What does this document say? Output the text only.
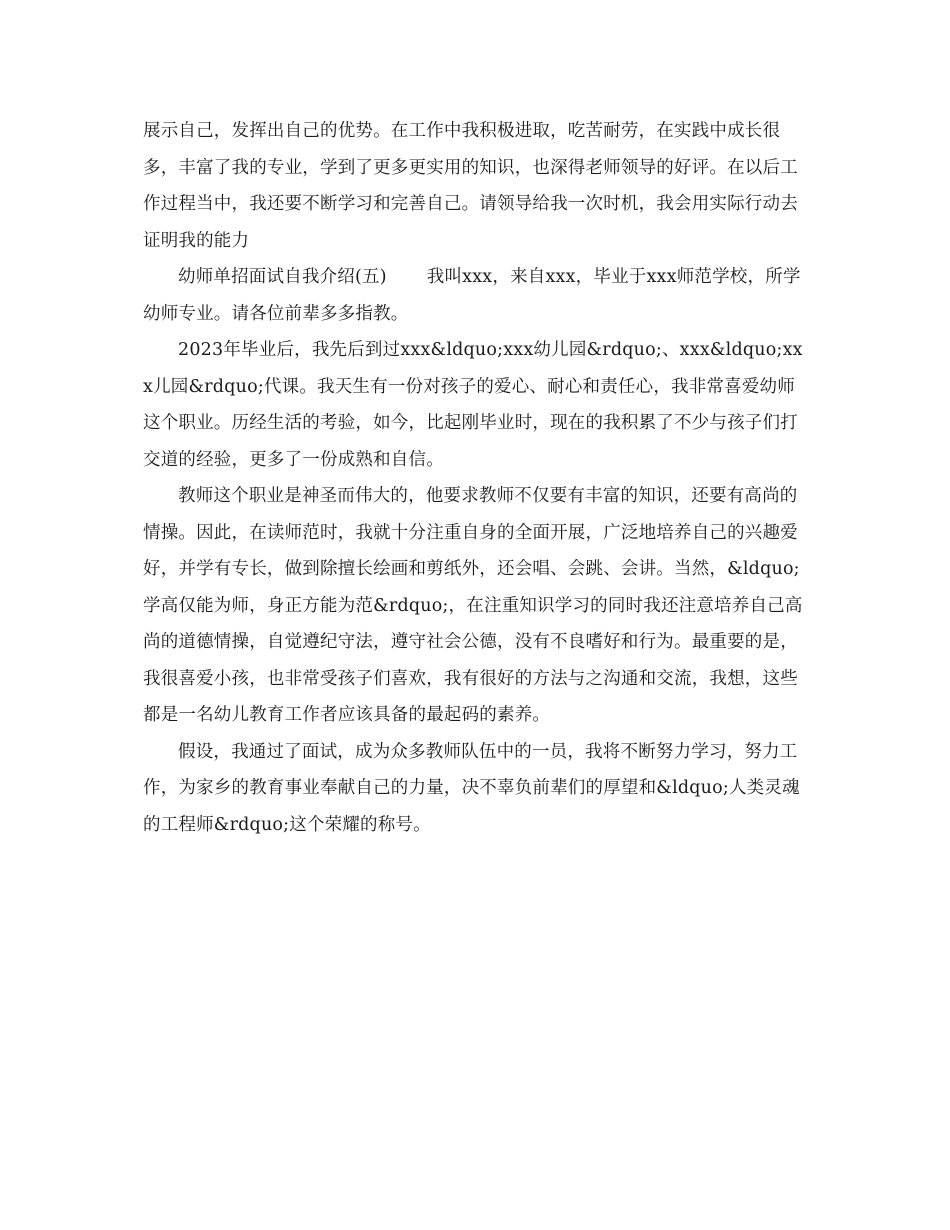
展示自己，发挥出自己的优势。在工作中我积极进取，吃苦耐劳，在实践中成长很多，丰富了我的专业，学到了更多更实用的知识，也深得老师领导的好评。在以后工作过程当中，我还要不断学习和完善自己。请领导给我一次时机，我会用实际行动去证明我的能力

幼师单招面试自我介绍(五) 我叫xxx，来自xxx，毕业于xxx师范学校，所学幼师专业。请各位前辈多多指教。

2023年毕业后，我先后到过xxx&ldquo;xxx幼儿园&rdquo;、xxx&ldquo;xxx儿园&rdquo;代课。我天生有一份对孩子的爱心、耐心和责任心，我非常喜爱幼师这个职业。历经生活的考验，如今，比起刚毕业时，现在的我积累了不少与孩子们打交道的经验，更多了一份成熟和自信。

教师这个职业是神圣而伟大的，他要求教师不仅要有丰富的知识，还要有高尚的情操。因此，在读师范时，我就十分注重自身的全面开展，广泛地培养自己的兴趣爱好，并学有专长，做到除擅长绘画和剪纸外，还会唱、会跳、会讲。当然，&ldquo;学高仅能为师，身正方能为范&rdquo;，在注重知识学习的同时我还注意培养自己高尚的道德情操，自觉遵纪守法，遵守社会公德，没有不良嗜好和行为。最重要的是，我很喜爱小孩，也非常受孩子们喜欢，我有很好的方法与之沟通和交流，我想，这些都是一名幼儿教育工作者应该具备的最起码的素养。

假设，我通过了面试，成为众多教师队伍中的一员，我将不断努力学习，努力工作，为家乡的教育事业奉献自己的力量，决不辜负前辈们的厚望和&ldquo;人类灵魂的工程师&rdquo;这个荣耀的称号。
